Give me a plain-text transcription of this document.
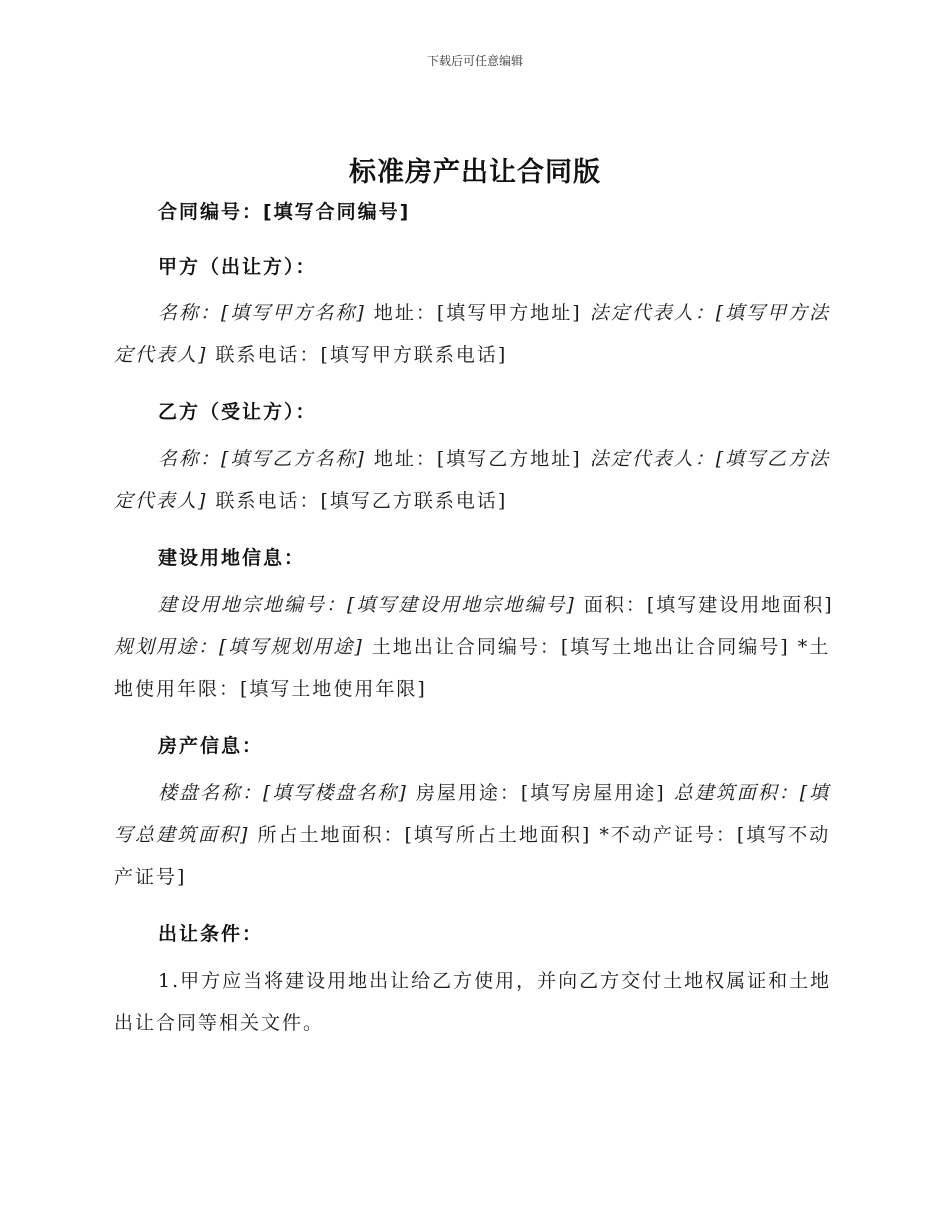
下载后可任意编辑
标准房产出让合同版
合同编号：[填写合同编号]
甲方（出让方）：
名称：[填写甲方名称] 地址：[填写甲方地址] 法定代表人：[填写甲方法定代表人] 联系电话：[填写甲方联系电话]
乙方（受让方）：
名称：[填写乙方名称] 地址：[填写乙方地址] 法定代表人：[填写乙方法定代表人] 联系电话：[填写乙方联系电话]
建设用地信息：
建设用地宗地编号：[填写建设用地宗地编号] 面积：[填写建设用地面积] 规划用途：[填写规划用途] 土地出让合同编号：[填写土地出让合同编号] *土地使用年限：[填写土地使用年限]
房产信息：
楼盘名称：[填写楼盘名称] 房屋用途：[填写房屋用途] 总建筑面积：[填写总建筑面积] 所占土地面积：[填写所占土地面积] *不动产证号：[填写不动产证号]
出让条件：
1.甲方应当将建设用地出让给乙方使用，并向乙方交付土地权属证和土地出让合同等相关文件。
